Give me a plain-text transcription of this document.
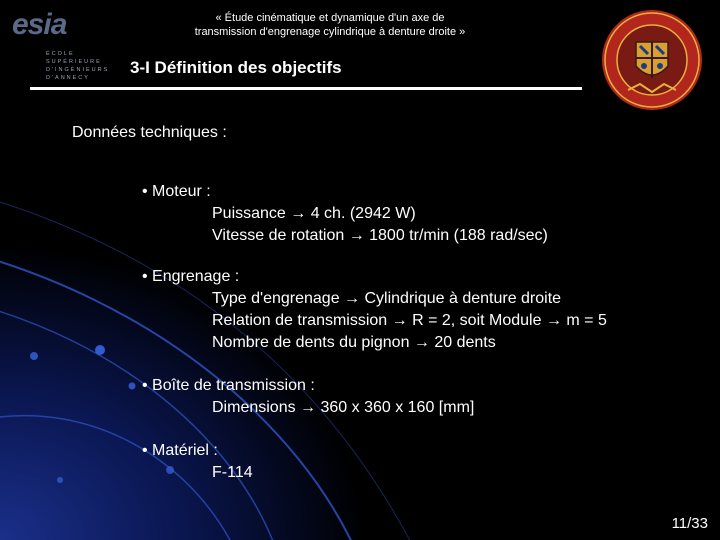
esia
ÉCOLE
SUPÉRIEURE
D'INGÉNIEURS
D'ANNECY
« Étude cinématique et dynamique d'un axe de
transmission d'engrenage cylindrique à denture droite »
3-I Définition des objectifs
Données techniques :
• Moteur :
Puissance → 4 ch. (2942 W)
Vitesse de rotation → 1800 tr/min (188 rad/sec)
• Engrenage :
Type d'engrenage → Cylindrique à denture droite
Relation de transmission → R = 2, soit Module → m = 5
Nombre de dents du pignon → 20 dents
• Boîte de transmission :
Dimensions → 360 x 360 x 160 [mm]
• Matériel :
F-114
11/33
